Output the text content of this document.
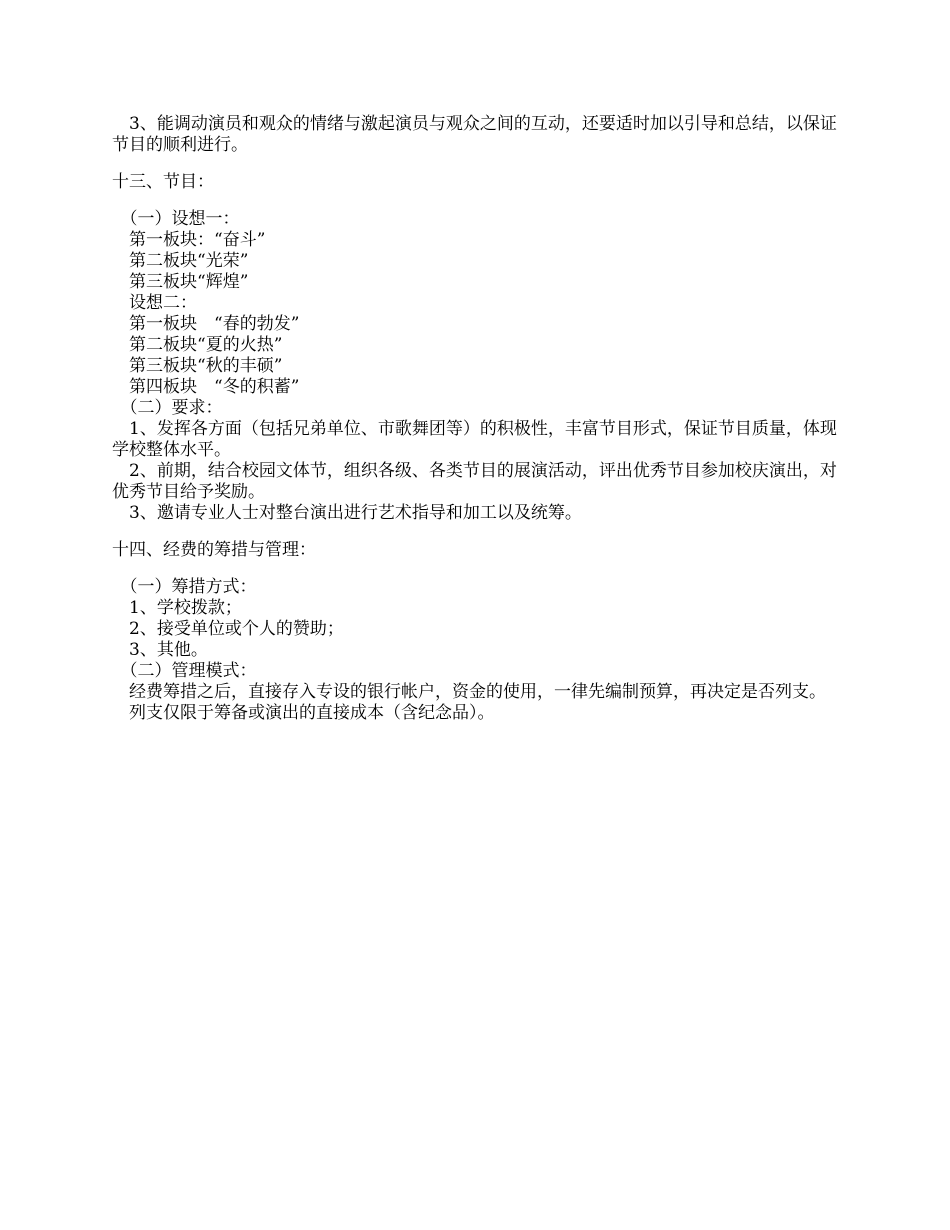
　3、能调动演员和观众的情绪与激起演员与观众之间的互动，还要适时加以引导和总结，以保证节目的顺利进行。

十三、节目：

　（一）设想一：

　第一板块：“奋斗”

　第二板块“光荣”

　第三板块“辉煌”

　设想二：

　第一板块　“春的勃发”

　第二板块“夏的火热”

　第三板块“秋的丰硕”

　第四板块　“冬的积蓄”

　（二）要求：

　1、发挥各方面（包括兄弟单位、市歌舞团等）的积极性，丰富节目形式，保证节目质量，体现学校整体水平。

　2、前期，结合校园文体节，组织各级、各类节目的展演活动，评出优秀节目参加校庆演出，对优秀节目给予奖励。

　3、邀请专业人士对整台演出进行艺术指导和加工以及统筹。

十四、经费的筹措与管理：

　（一）筹措方式：

　1、学校拨款；

　2、接受单位或个人的赞助；

　3、其他。

　（二）管理模式：

　经费筹措之后，直接存入专设的银行帐户，资金的使用，一律先编制预算，再决定是否列支。

　列支仅限于筹备或演出的直接成本（含纪念品）。
